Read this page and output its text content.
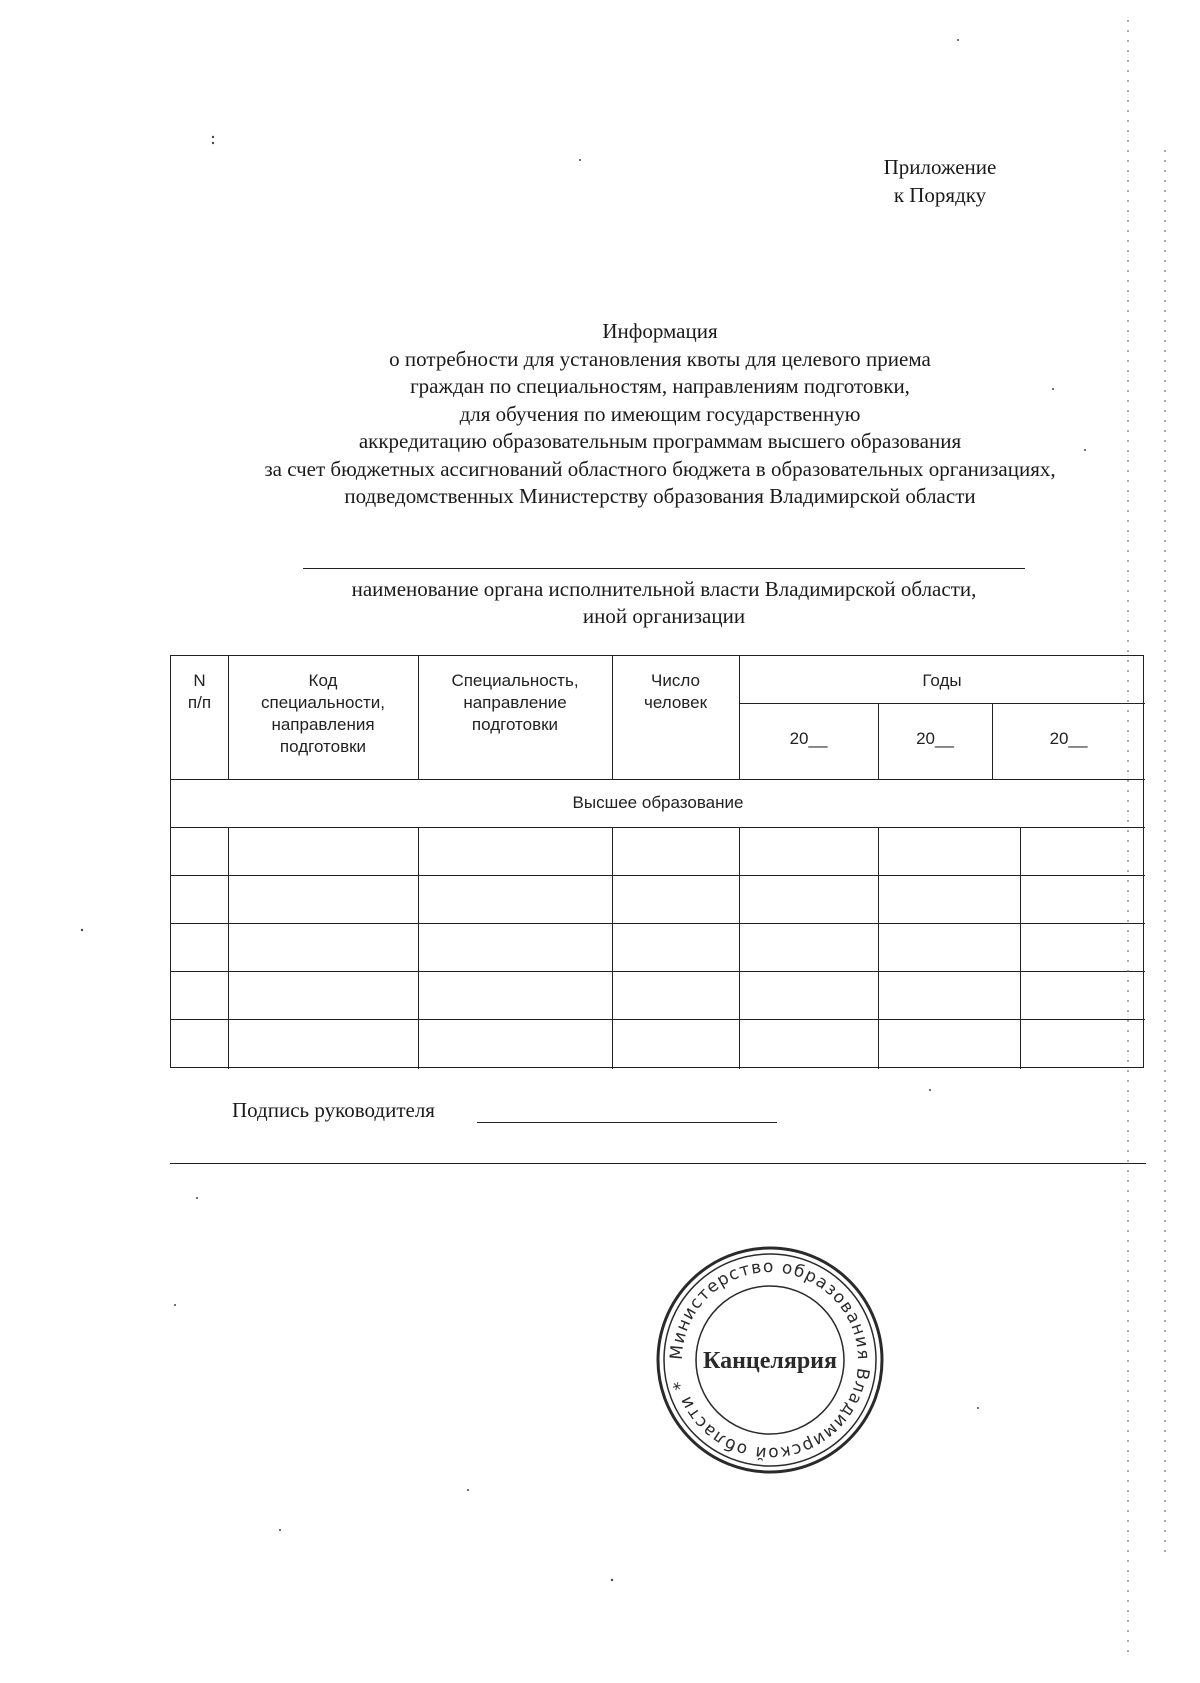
Приложение
к Порядку
Информация
о потребности для установления квоты для целевого приема
граждан по специальностям, направлениям подготовки,
для обучения по имеющим государственную
аккредитацию образовательным программам высшего образования
за счет бюджетных ассигнований областного бюджета в образовательных организациях,
подведомственных Министерству образования Владимирской области
наименование органа исполнительной власти Владимирской области,
иной организации
N
п/п
Код
специальности,
направления
подготовки
Специальность,
направление
подготовки
Число
человек
Годы
20__	20__	20__
Высшее образование
Подпись руководителя
Министерство образования Владимирской области *
Канцелярия
